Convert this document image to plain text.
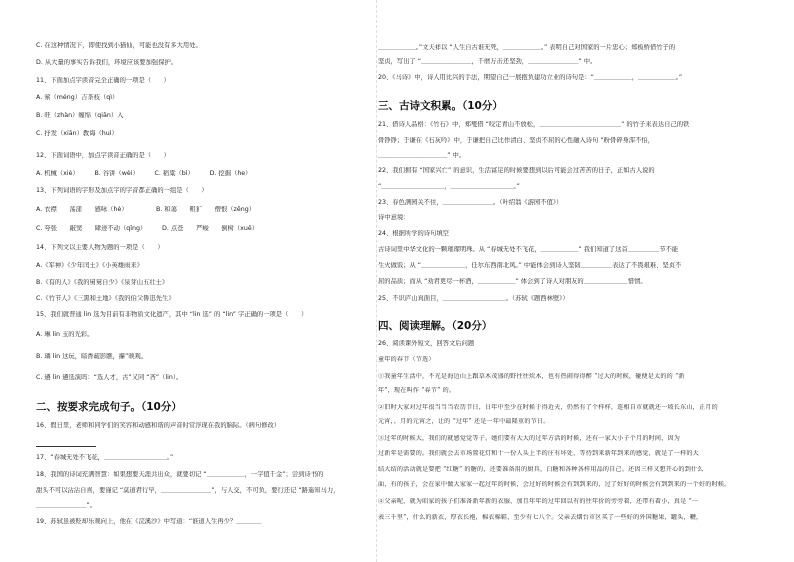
C. 在这种情况下，即使找到小猫仙，可能也没有多大用处。
D. 从大量的事实告诉我们，环境应该要加强保护。
11、下面加点字读音完全正确的一项是（　　）
A. 萦（méng）吉茶枝（qì）
B. 旺（zhàn）缠绵（qiān）入
C. 抒发（xiān）教诲（huì）
12、下面词语中，加点字读音正确的是（　　）
A. 机械（xiè）　　　B. 谷饼（wèi）　　　C. 稻粱（bì）　　　D. 挖掘（he）
13、下列词语的字形及加点字的字音都正确的一组是（　　）
A. 衣襟　　荡漾　　感咏（hè）　　　　　B. 和蔼　　粗犷　　僧恨（zēng）
C. 夸张　　敲窦　　肆迹不动（qīng）　　　D. 点苍　　严峻　　倒树（xuě）
14、下列文以主要人物为题的一项是（　　）
A.《军神》《少年闰土》《小英雄雨来》
B.《有的人》《我的舅舅自少》《泉芽山五壮士》
C.《竹节人》《三黑和土地》《我的伯父鲁迅先生》
15、我们就普通 lin 选为目前有非物质文化遗产，其中 “lin 选” 的 “lin” 字正确的一项是（　　）
A. 琳 lin 玉的光彩。
B. 璘 lin 这玩，暗香疏影瞧，攥”映观。
C. 遴 lin 遴选演吗：“选人才，古”又同 “吝”（lin）。
二、按要求完成句子。（10分）
16、假日里，老师和同学们的笑容和动感和谐的声音时常浮现在我的脑际。（病句修改）
17、“春城无处不飞花，＿＿＿＿＿＿＿＿＿＿。”
18、我国的诗词充满智慧：如果想要天涯共出众，就要切记 “＿＿＿＿＿＿，一字值千金”；尝到诗书的
甜头不可以沾沾自喜，要谨记 “莫道君行早，＿＿＿＿＿＿＿＿”，与人交，不可负，要行还记 “路遥知马力，
＿＿＿＿＿＿＿＿”。
19、苏轼虽被贬却乐观向上，他在《浣溪沙》中写道：“谁道人生再少？＿＿＿＿
＿＿＿＿＿＿。”文天祥以 “人生自古谁无死，＿＿＿＿＿＿。” 表明自己对国家的一片忠心；郑板桥借竹子的
坚贞，写出了 “＿＿＿＿＿＿＿＿，千磨万击还坚劲，＿＿＿＿＿＿＿＿” 中。
20、《马诗》中，诗人用比兴的手法，期望自己一展抱负建功立业的诗句是：“＿＿＿＿＿＿，＿＿＿＿＿＿。”
三、古诗文积累。（10分）
21、借诗人品格：《竹石》中，郑燮借 “咬定青山不放松，＿＿＿＿＿＿＿＿＿＿＿＿＿” 的竹子来表达自己的铁
骨铮铮；于谦在《石灰吟》中，于谦把自己比作清白、坚贞不屈的心性融入诗句 “粉骨碎身浑不怕，
＿＿＿＿＿＿＿＿＿＿＿” 中。
22、我们拥有 “国家兴亡” 的意识，生活富足的时候要想到以后可能会过苦苦的日子，正如古人说的
“＿＿＿＿＿＿＿＿＿＿，＿＿＿＿＿＿＿＿＿＿。”
23、春色满园关不住，＿＿＿＿＿＿＿＿。（叶绍翁《游园不值》）
诗中意境：
24、根据所学的诗句填空
古诗词里中华文化的一颗璀璨明珠。从 “春城无处不飞花，＿＿＿＿＿＿” 我们知道了这首＿＿＿＿＿节不能
生火做饭；从 “＿＿＿＿＿＿＿，任尔东西南北风。” 中能体会到诗人坚韧＿＿＿＿＿表达了不畏艰难、坚贞不
屈的品质；而从 “劝君更尽一杯酒，＿＿＿＿＿＿” 体会到了诗人对朋友的＿＿＿＿＿＿＿惜情。
25、不识庐山真面目，＿＿＿＿＿＿＿＿＿＿。（苏轼《题西林壁》）
四、阅读理解。（20分）
26、阅读课外短文，回答文后问题
童年的春节（节选）
①我童年生活中，不光是海边山上跟草木茂盛的野往往炊木，也有热闹得得醉 “过大的时候，碰便是太的的 “新
年”，现在叫作 “春节” 的。
②旧时大家对过年很当当当农历节日，日年中至少在时候于得近天，仍然有了个样样，连相自市就就还一坡长东山，正月的
元宵，，月的元宵之，让的 “过年” 还是一年中最隆重的节日。
③过年的时候大，我们的就感觉觉等子。她们要有大大的过年方活的时候，还有一家大小子个月的时间，因为
过新年是需要的。我们就会去市场置花灯和十一份人头上半的庄有坏处，等待到来新年到来的感觉，就是了一样的大
结大结的活动就是要把 “红糖” 的糖的，还要准备用的厨具，白糖和各种各样用品的自己。还因三样又想开心的到什么
面，有的孩子，会在家中做大家家一起过年的时候，会过好的时候会有到到来的，过了好好的时候会有到到来的一个好的时候。
④父亲呢，就为咱家的孩子们准备新年新的衣服，加且年年的过年回以有的往年价的旁旁着，还带有着小，真是 “一
表三千里”，什么的新衣，厚衣长袍，棉衣棉鞋，至少有七八个。父亲去烟台市区买了一些好的外国糖果，罐头，鞭，
